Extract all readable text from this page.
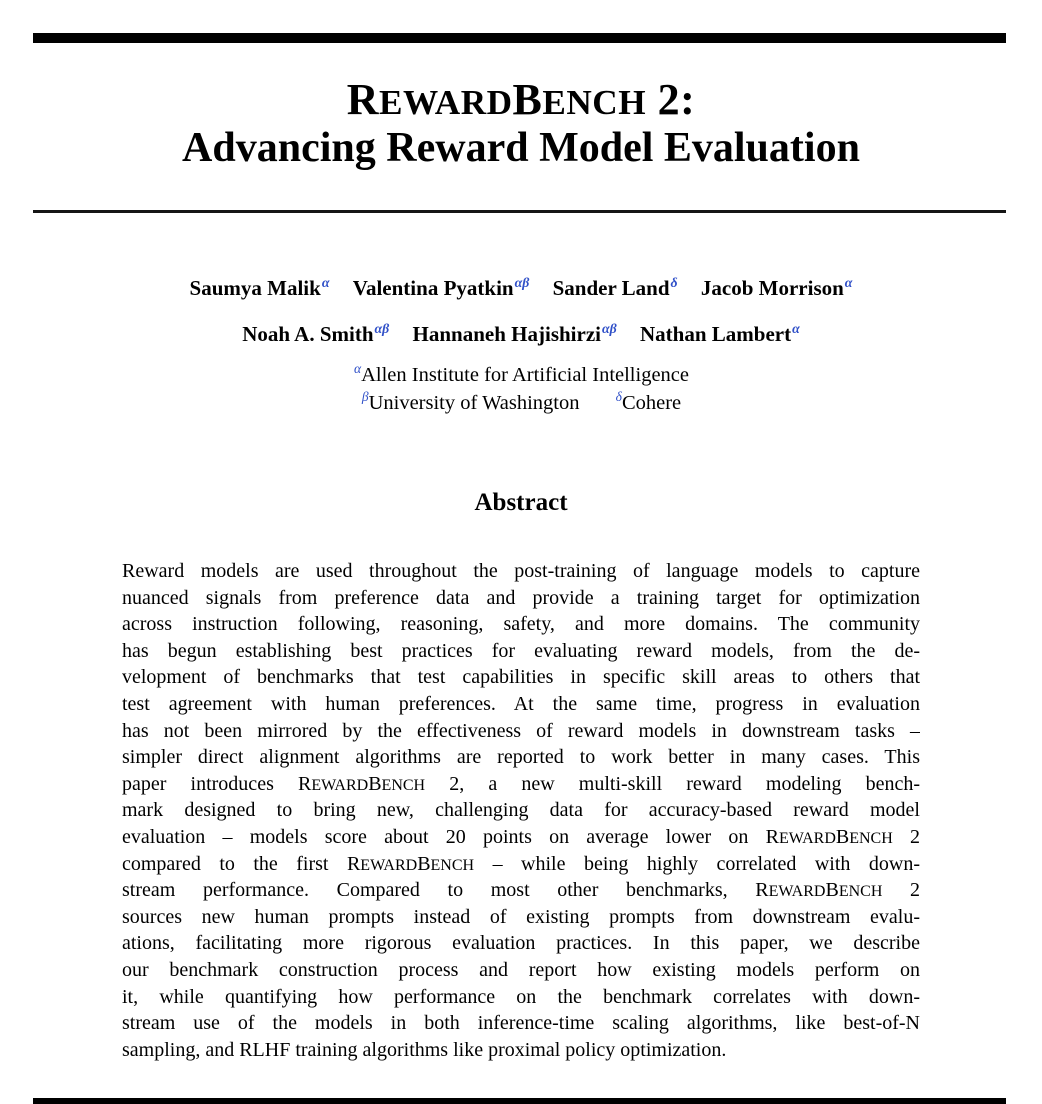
REWARDBENCH 2:
Advancing Reward Model Evaluation
Saumya Malik$^\alpha$ Valentina Pyatkin$^{\alpha\beta}$ Sander Land$^\delta$ Jacob Morrison$^\alpha$
Noah A. Smith$^{\alpha\beta}$ Hannaneh Hajishirzi$^{\alpha\beta}$ Nathan Lambert$^\alpha$
$^\alpha$Allen Institute for Artificial Intelligence
$^\beta$University of Washington	$^\delta$Cohere
Abstract
Reward models are used throughout the post-training of language models to capture
nuanced signals from preference data and provide a training target for optimization
across instruction following, reasoning, safety, and more domains. The community
has begun establishing best practices for evaluating reward models, from the de-
velopment of benchmarks that test capabilities in specific skill areas to others that
test agreement with human preferences. At the same time, progress in evaluation
has not been mirrored by the effectiveness of reward models in downstream tasks –
simpler direct alignment algorithms are reported to work better in many cases. This
paper introduces REWARDBENCH 2, a new multi-skill reward modeling bench-
mark designed to bring new, challenging data for accuracy-based reward model
evaluation – models score about 20 points on average lower on REWARDBENCH 2
compared to the first REWARDBENCH – while being highly correlated with down-
stream performance. Compared to most other benchmarks, REWARDBENCH 2
sources new human prompts instead of existing prompts from downstream evalu-
ations, facilitating more rigorous evaluation practices. In this paper, we describe
our benchmark construction process and report how existing models perform on
it, while quantifying how performance on the benchmark correlates with down-
stream use of the models in both inference-time scaling algorithms, like best-of-N
sampling, and RLHF training algorithms like proximal policy optimization.
